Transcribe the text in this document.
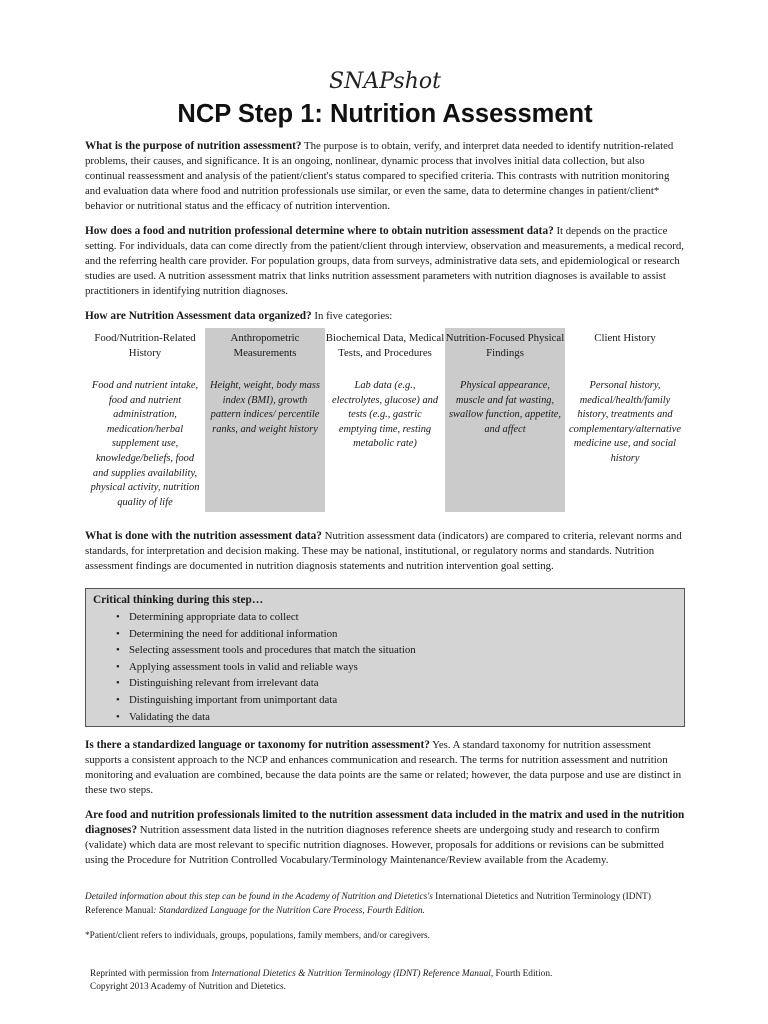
SNAPshot
NCP Step 1: Nutrition Assessment

What is the purpose of nutrition assessment? The purpose is to obtain, verify, and interpret data needed to identify nutrition-related problems, their causes, and significance. It is an ongoing, nonlinear, dynamic process that involves initial data collection, but also continual reassessment and analysis of the patient/client's status compared to specified criteria. This contrasts with nutrition monitoring and evaluation data where food and nutrition professionals use similar, or even the same, data to determine changes in patient/client* behavior or nutritional status and the efficacy of nutrition intervention.

How does a food and nutrition professional determine where to obtain nutrition assessment data? It depends on the practice setting. For individuals, data can come directly from the patient/client through interview, observation and measurements, a medical record, and the referring health care provider. For population groups, data from surveys, administrative data sets, and epidemiological or research studies are used. A nutrition assessment matrix that links nutrition assessment parameters with nutrition diagnoses is available to assist practitioners in identifying nutrition diagnoses.

How are Nutrition Assessment data organized? In five categories:

Food/Nutrition-Related History
Food and nutrient intake, food and nutrient administration, medication/herbal supplement use, knowledge/beliefs, food and supplies availability, physical activity, nutrition quality of life
Anthropometric Measurements
Height, weight, body mass index (BMI), growth pattern indices/ percentile ranks, and weight history
Biochemical Data, Medical Tests, and Procedures
Lab data (e.g., electrolytes, glucose) and tests (e.g., gastric emptying time, resting metabolic rate)
Nutrition-Focused Physical Findings
Physical appearance, muscle and fat wasting, swallow function, appetite, and affect
Client History
Personal history, medical/health/family history, treatments and complementary/alternative medicine use, and social history

What is done with the nutrition assessment data? Nutrition assessment data (indicators) are compared to criteria, relevant norms and standards, for interpretation and decision making. These may be national, institutional, or regulatory norms and standards. Nutrition assessment findings are documented in nutrition diagnosis statements and nutrition intervention goal setting.

Critical thinking during this step…
• Determining appropriate data to collect
• Determining the need for additional information
• Selecting assessment tools and procedures that match the situation
• Applying assessment tools in valid and reliable ways
• Distinguishing relevant from irrelevant data
• Distinguishing important from unimportant data
• Validating the data

Is there a standardized language or taxonomy for nutrition assessment? Yes. A standard taxonomy for nutrition assessment supports a consistent approach to the NCP and enhances communication and research. The terms for nutrition assessment and nutrition monitoring and evaluation are combined, because the data points are the same or related; however, the data purpose and use are distinct in these two steps.

Are food and nutrition professionals limited to the nutrition assessment data included in the matrix and used in the nutrition diagnoses? Nutrition assessment data listed in the nutrition diagnoses reference sheets are undergoing study and research to confirm (validate) which data are most relevant to specific nutrition diagnoses. However, proposals for additions or revisions can be submitted using the Procedure for Nutrition Controlled Vocabulary/Terminology Maintenance/Review available from the Academy.

Detailed information about this step can be found in the Academy of Nutrition and Dietetics's International Dietetics and Nutrition Terminology (IDNT) Reference Manual: Standardized Language for the Nutrition Care Process, Fourth Edition.

*Patient/client refers to individuals, groups, populations, family members, and/or caregivers.

Reprinted with permission from International Dietetics & Nutrition Terminology (IDNT) Reference Manual, Fourth Edition.
Copyright 2013 Academy of Nutrition and Dietetics.
